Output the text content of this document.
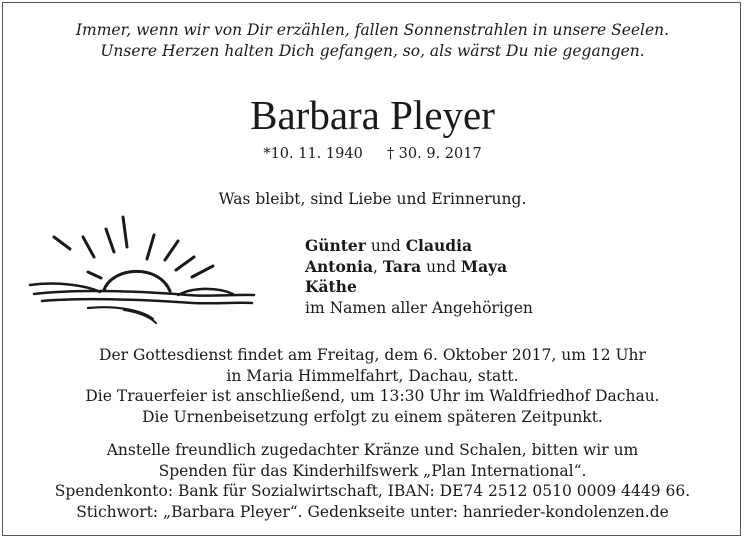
Immer, wenn wir von Dir erzählen, fallen Sonnenstrahlen in unsere Seelen.
Unsere Herzen halten Dich gefangen, so, als wärst Du nie gegangen.
Barbara Pleyer
*10. 11. 1940 † 30. 9. 2017
Was bleibt, sind Liebe und Erinnerung.
Günter und Claudia
Antonia, Tara und Maya
Käthe
im Namen aller Angehörigen
Der Gottesdienst findet am Freitag, dem 6. Oktober 2017, um 12 Uhr
in Maria Himmelfahrt, Dachau, statt.
Die Trauerfeier ist anschließend, um 13:30 Uhr im Waldfriedhof Dachau.
Die Urnenbeisetzung erfolgt zu einem späteren Zeitpunkt.
Anstelle freundlich zugedachter Kränze und Schalen, bitten wir um
Spenden für das Kinderhilfswerk „Plan International“.
Spendenkonto: Bank für Sozialwirtschaft, IBAN: DE74 2512 0510 0009 4449 66.
Stichwort: „Barbara Pleyer“. Gedenkseite unter: hanrieder-kondolenzen.de
